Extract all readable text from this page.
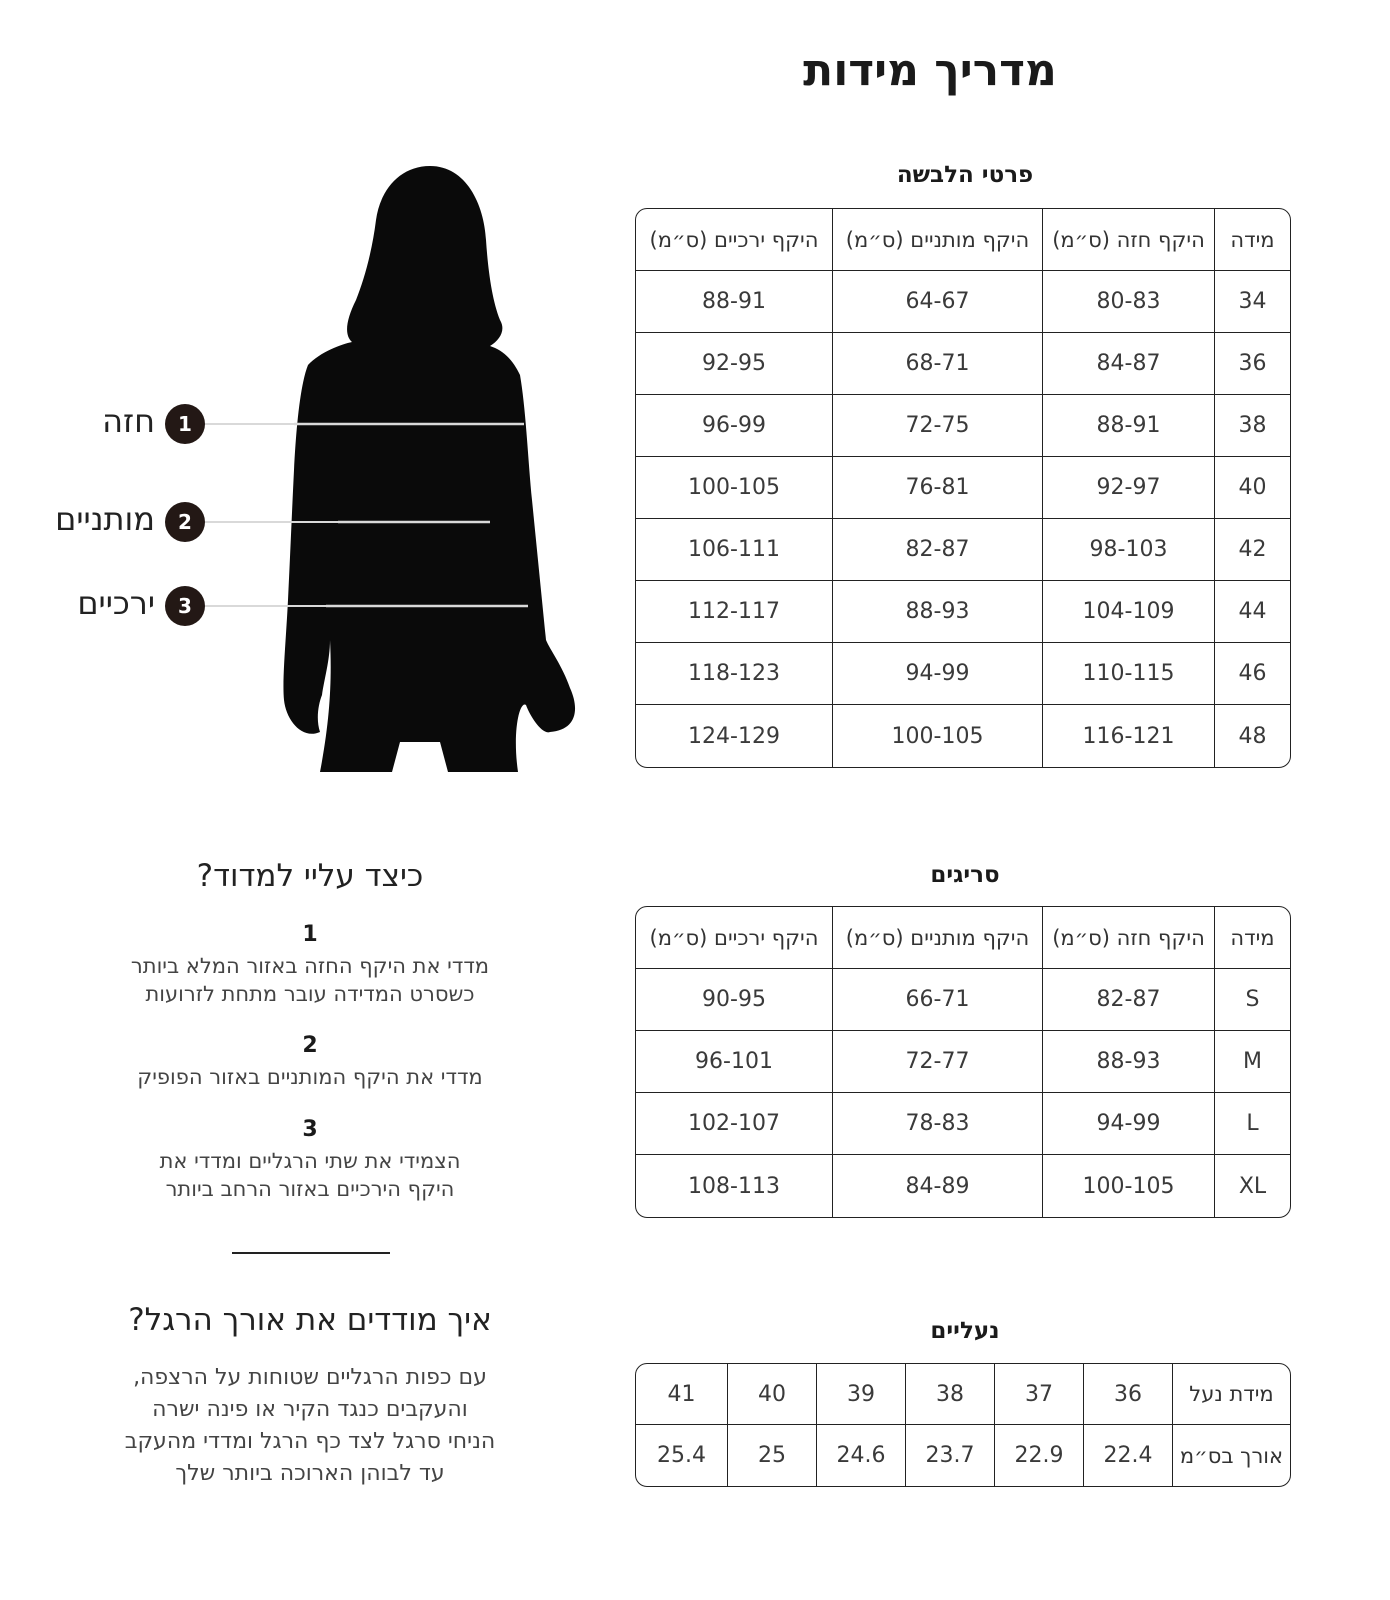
מדריך מידות
פרטי הלבשה
מידה	היקף חזה (ס״מ)	היקף מותניים (ס״מ)	היקף ירכיים (ס״מ)
34	80-83	64-67	88-91
36	84-87	68-71	92-95
38	88-91	72-75	96-99
40	92-97	76-81	100-105
42	98-103	82-87	106-111
44	104-109	88-93	112-117
46	110-115	94-99	118-123
48	116-121	100-105	124-129
סריגים
מידה	היקף חזה (ס״מ)	היקף מותניים (ס״מ)	היקף ירכיים (ס״מ)
S	82-87	66-71	90-95
M	88-93	72-77	96-101
L	94-99	78-83	102-107
XL	100-105	84-89	108-113
נעליים
מידת נעל	36	37	38	39	40	41
אורך בס״מ	22.4	22.9	23.7	24.6	25	25.4
1
חזה
2
מותניים
3
ירכיים
כיצד עליי למדוד?
1
מדדי את היקף החזה באזור המלא ביותר
כשסרט המדידה עובר מתחת לזרועות
2
מדדי את היקף המותניים באזור הפופיק
3
הצמידי את שתי הרגליים ומדדי את
היקף הירכיים באזור הרחב ביותר
איך מודדים את אורך הרגל?
עם כפות הרגליים שטוחות על הרצפה,
והעקבים כנגד הקיר או פינה ישרה
הניחי סרגל לצד כף הרגל ומדדי מהעקב
עד לבוהן הארוכה ביותר שלך
